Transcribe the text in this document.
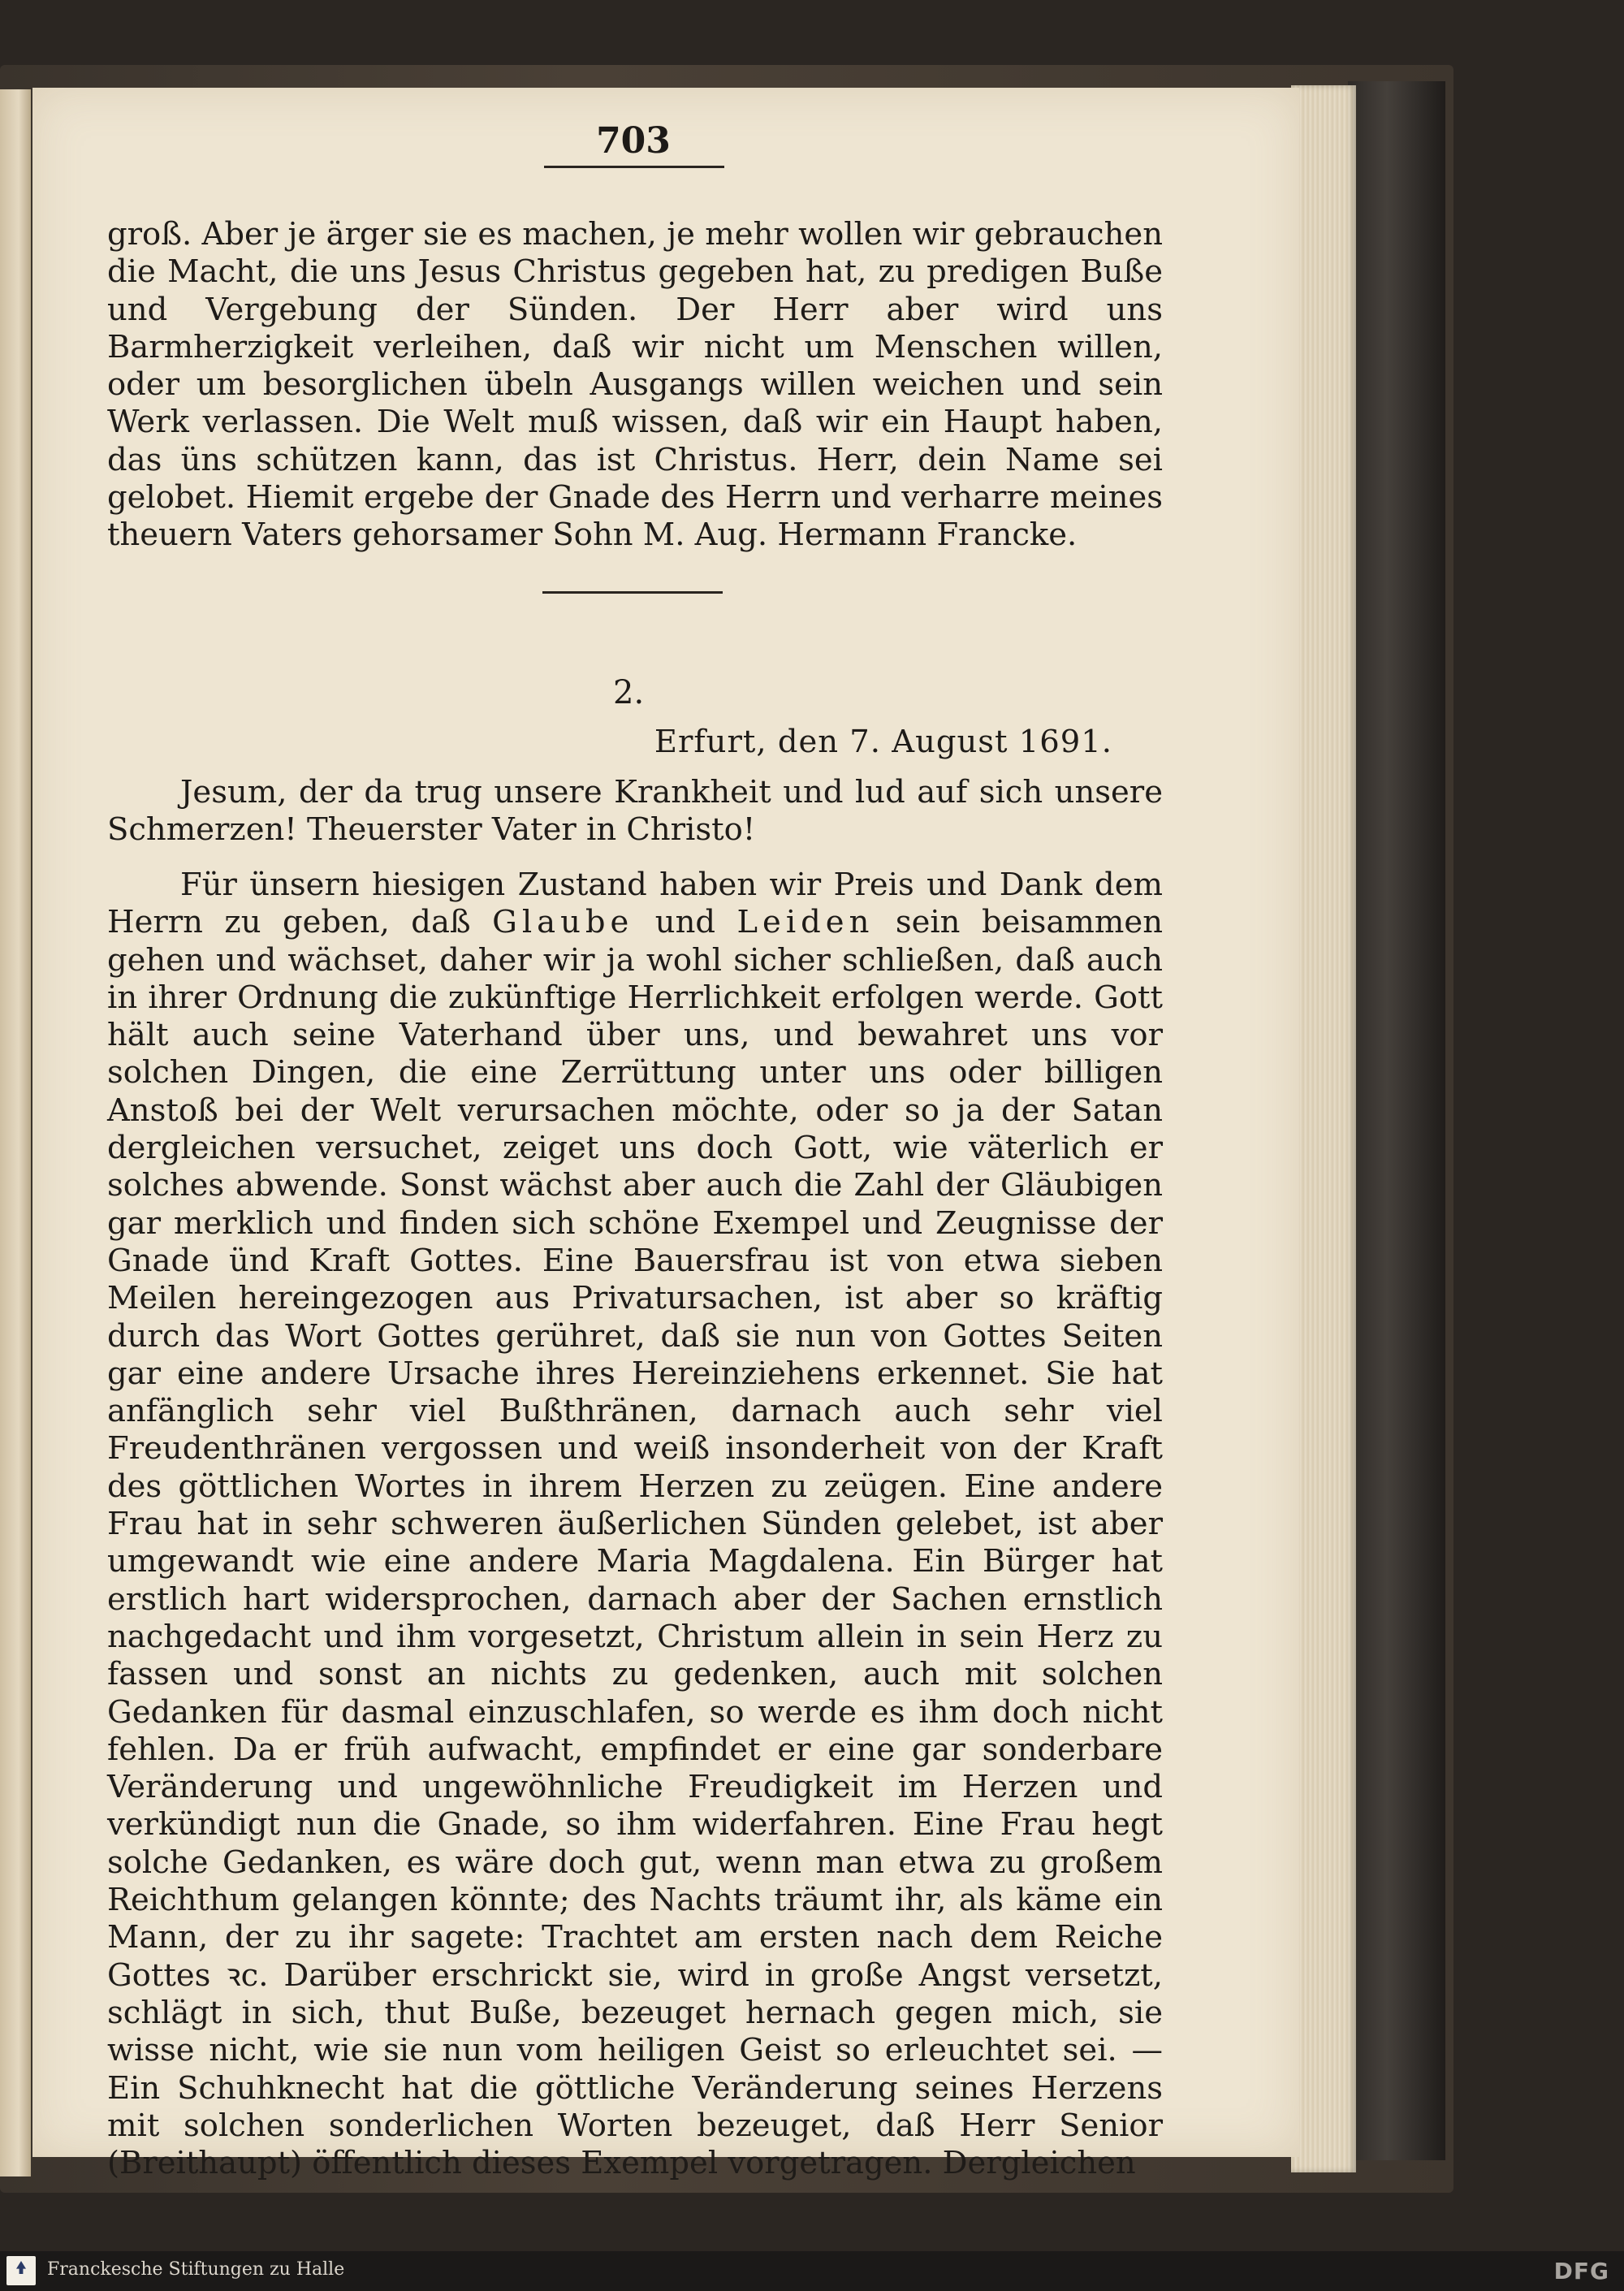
703

groß. Aber je ärger sie es machen, je mehr wollen wir gebrauchen die Macht, die uns Jesus Christus gegeben hat, zu predigen Buße und Vergebung der Sünden. Der Herr aber wird uns Barmherzigkeit verleihen, daß wir nicht um Menschen willen, oder um besorglichen übeln Ausgangs willen weichen und sein Werk verlassen. Die Welt muß wissen, daß wir ein Haupt haben, das üns schützen kann, das ist Christus. Herr, dein Name sei gelobet. Hiemit ergebe der Gnade des Herrn und verharre meines theuern Vaters gehorsamer Sohn M. Aug. Hermann Francke.

2.
Erfurt, den 7. August 1691.

Jesum, der da trug unsere Krankheit und lud auf sich unsere Schmerzen! Theuerster Vater in Christo!

Für ünsern hiesigen Zustand haben wir Preis und Dank dem Herrn zu geben, daß Glaube und Leiden sein beisammen gehen und wächset, daher wir ja wohl sicher schließen, daß auch in ihrer Ordnung die zukünftige Herrlichkeit erfolgen werde. Gott hält auch seine Vaterhand über uns, und bewahret uns vor solchen Dingen, die eine Zerrüttung unter uns oder billigen Anstoß bei der Welt verursachen möchte, oder so ja der Satan dergleichen versuchet, zeiget uns doch Gott, wie väterlich er solches abwende. Sonst wächst aber auch die Zahl der Gläubigen gar merklich und finden sich schöne Exempel und Zeugnisse der Gnade ünd Kraft Gottes. Eine Bauersfrau ist von etwa sieben Meilen hereingezogen aus Privatursachen, ist aber so kräftig durch das Wort Gottes gerühret, daß sie nun von Gottes Seiten gar eine andere Ursache ihres Hereinziehens erkennet. Sie hat anfänglich sehr viel Bußthränen, darnach auch sehr viel Freudenthränen vergossen und weiß insonderheit von der Kraft des göttlichen Wortes in ihrem Herzen zu zeügen. Eine andere Frau hat in sehr schweren äußerlichen Sünden gelebet, ist aber umgewandt wie eine andere Maria Magdalena. Ein Bürger hat erstlich hart widersprochen, darnach aber der Sachen ernstlich nachgedacht und ihm vorgesetzt, Christum allein in sein Herz zu fassen und sonst an nichts zu gedenken, auch mit solchen Gedanken für dasmal einzuschlafen, so werde es ihm doch nicht fehlen. Da er früh aufwacht, empfindet er eine gar sonderbare Veränderung und ungewöhnliche Freudigkeit im Herzen und verkündigt nun die Gnade, so ihm widerfahren. Eine Frau hegt solche Gedanken, es wäre doch gut, wenn man etwa zu großem Reichthum gelangen könnte; des Nachts träumt ihr, als käme ein Mann, der zu ihr sagete: Trachtet am ersten nach dem Reiche Gottes ꝛc. Darüber erschrickt sie, wird in große Angst versetzt, schlägt in sich, thut Buße, bezeuget hernach gegen mich, sie wisse nicht, wie sie nun vom heiligen Geist so erleuchtet sei. — Ein Schuhknecht hat die göttliche Veränderung seines Herzens mit solchen sonderlichen Worten bezeuget, daß Herr Senior (Breithaupt) öffentlich dieses Exempel vorgetragen. Dergleichen

Franckesche Stiftungen zu Halle	DFG
